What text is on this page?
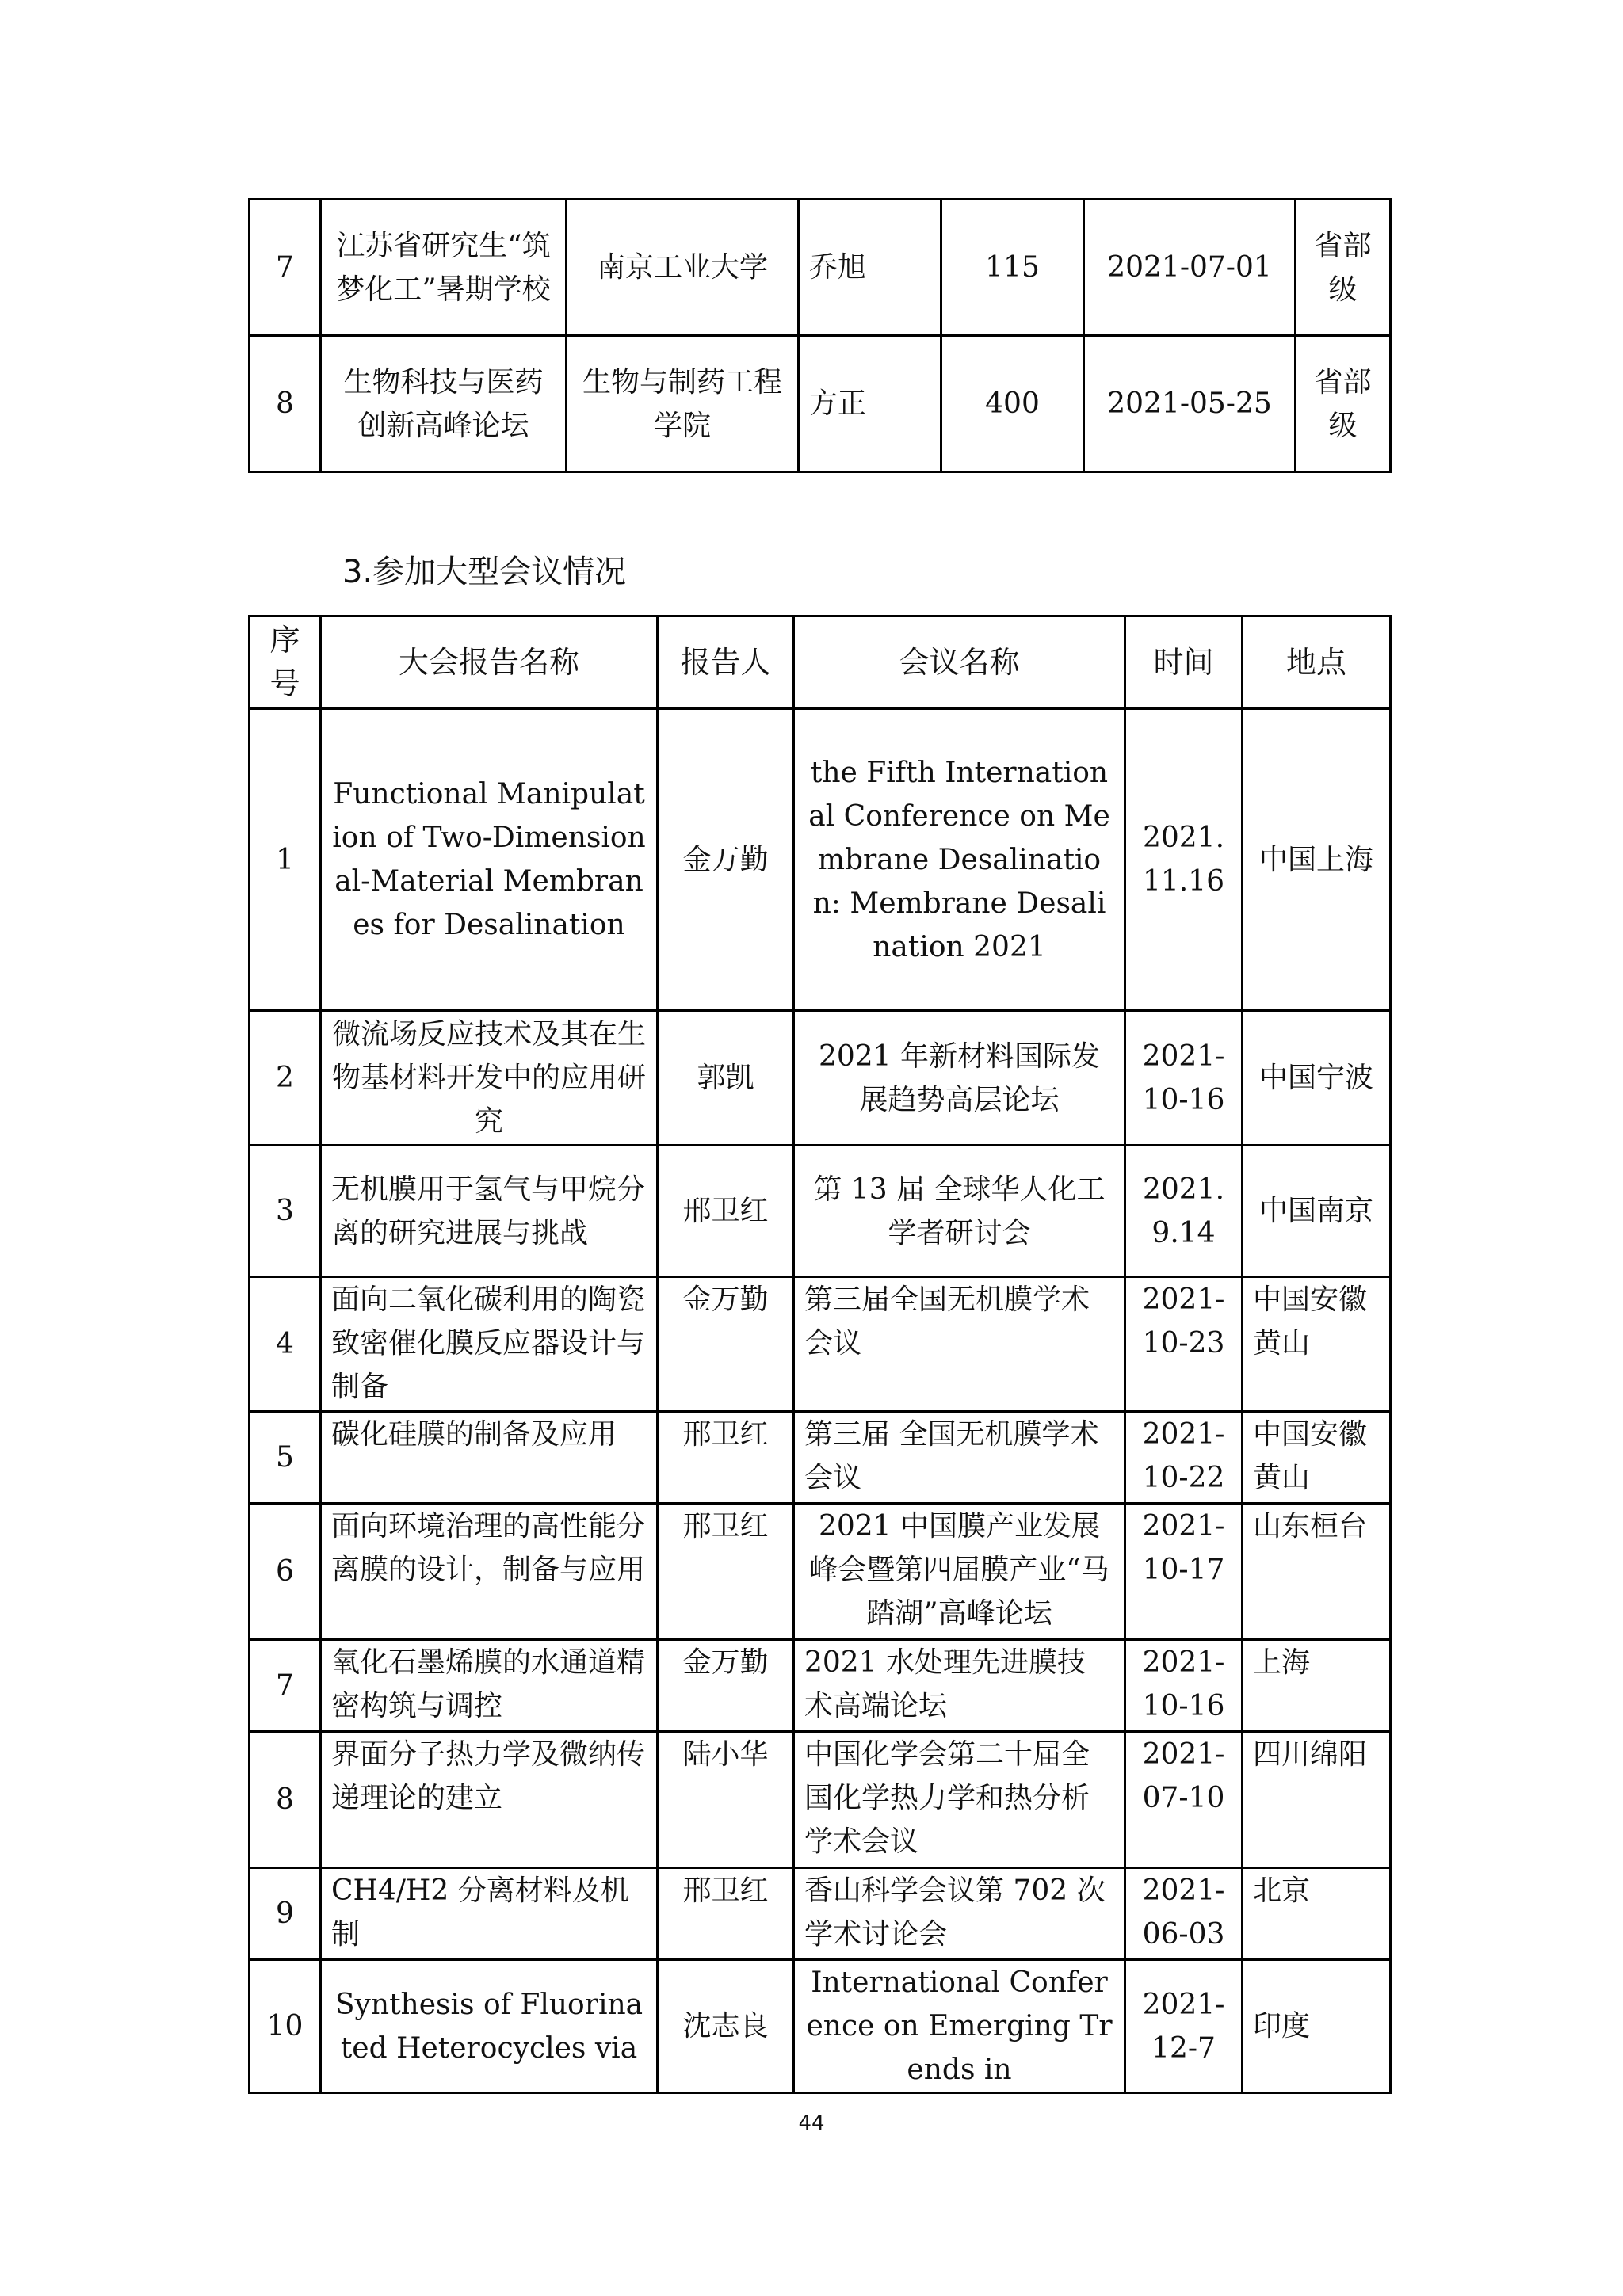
7	江苏省研究生“筑梦化工”暑期学校	南京工业大学	乔旭	115	2021-07-01	省部级
8	生物科技与医药创新高峰论坛	生物与制药工程学院	方正	400	2021-05-25	省部级
3.参加大型会议情况
序号	大会报告名称	报告人	会议名称	时间	地点
1	Functional Manipulation of Two-Dimensional-Material Membranes for Desalination	金万勤	the Fifth International Conference on Membrane Desalination: Membrane Desalination 2021	2021.11.16	中国上海
2	微流场反应技术及其在生物基材料开发中的应用研究	郭凯	2021 年新材料国际发展趋势高层论坛	2021-10-16	中国宁波
3	无机膜用于氢气与甲烷分离的研究进展与挑战	邢卫红	第 13 届 全球华人化工学者研讨会	2021.9.14	中国南京
4	面向二氧化碳利用的陶瓷致密催化膜反应器设计与制备	金万勤	第三届全国无机膜学术会议	2021-10-23	中国安徽黄山
5	碳化硅膜的制备及应用	邢卫红	第三届 全国无机膜学术会议	2021-10-22	中国安徽黄山
6	面向环境治理的高性能分离膜的设计，制备与应用	邢卫红	2021 中国膜产业发展峰会暨第四届膜产业“马踏湖”高峰论坛	2021-10-17	山东桓台
7	氧化石墨烯膜的水通道精密构筑与调控	金万勤	2021 水处理先进膜技术高端论坛	2021-10-16	上海
8	界面分子热力学及微纳传递理论的建立	陆小华	中国化学会第二十届全国化学热力学和热分析学术会议	2021-07-10	四川绵阳
9	CH4/H2 分离材料及机制	邢卫红	香山科学会议第 702 次学术讨论会	2021-06-03	北京
10	Synthesis of Fluorinated Heterocycles via	沈志良	International Conference on Emerging Trends in	2021-12-7	印度
44
